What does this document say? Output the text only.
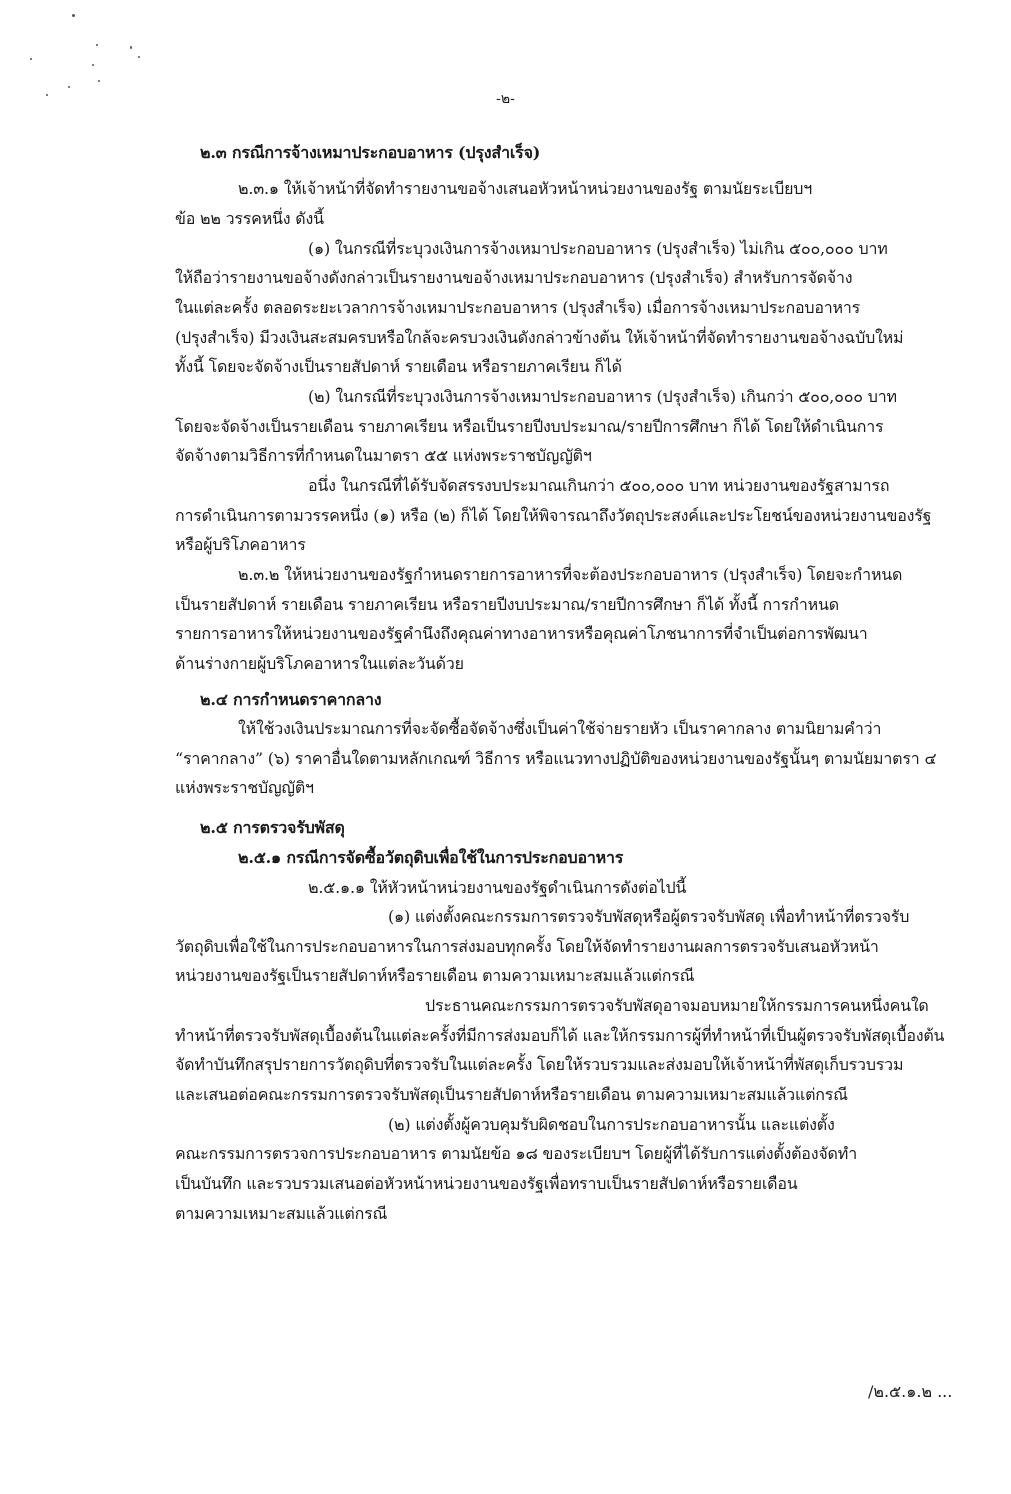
-๒-
๒.๓ กรณีการจ้างเหมาประกอบอาหาร (ปรุงสำเร็จ)
๒.๓.๑ ให้เจ้าหน้าที่จัดทำรายงานขอจ้างเสนอหัวหน้าหน่วยงานของรัฐ ตามนัยระเบียบฯ
ข้อ ๒๒ วรรคหนึ่ง ดังนี้
(๑) ในกรณีที่ระบุวงเงินการจ้างเหมาประกอบอาหาร (ปรุงสำเร็จ) ไม่เกิน ๕๐๐,๐๐๐ บาท
ให้ถือว่ารายงานขอจ้างดังกล่าวเป็นรายงานขอจ้างเหมาประกอบอาหาร (ปรุงสำเร็จ) สำหรับการจัดจ้าง
ในแต่ละครั้ง ตลอดระยะเวลาการจ้างเหมาประกอบอาหาร (ปรุงสำเร็จ) เมื่อการจ้างเหมาประกอบอาหาร
(ปรุงสำเร็จ) มีวงเงินสะสมครบหรือใกล้จะครบวงเงินดังกล่าวข้างต้น ให้เจ้าหน้าที่จัดทำรายงานขอจ้างฉบับใหม่
ทั้งนี้ โดยจะจัดจ้างเป็นรายสัปดาห์ รายเดือน หรือรายภาคเรียน ก็ได้
(๒) ในกรณีที่ระบุวงเงินการจ้างเหมาประกอบอาหาร (ปรุงสำเร็จ) เกินกว่า ๕๐๐,๐๐๐ บาท
โดยจะจัดจ้างเป็นรายเดือน รายภาคเรียน หรือเป็นรายปีงบประมาณ/รายปีการศึกษา ก็ได้ โดยให้ดำเนินการ
จัดจ้างตามวิธีการที่กำหนดในมาตรา ๕๕ แห่งพระราชบัญญัติฯ
อนึ่ง ในกรณีที่ได้รับจัดสรรงบประมาณเกินกว่า ๕๐๐,๐๐๐ บาท หน่วยงานของรัฐสามารถ
การดำเนินการตามวรรคหนึ่ง (๑) หรือ (๒) ก็ได้ โดยให้พิจารณาถึงวัตถุประสงค์และประโยชน์ของหน่วยงานของรัฐ
หรือผู้บริโภคอาหาร
๒.๓.๒ ให้หน่วยงานของรัฐกำหนดรายการอาหารที่จะต้องประกอบอาหาร (ปรุงสำเร็จ) โดยจะกำหนด
เป็นรายสัปดาห์ รายเดือน รายภาคเรียน หรือรายปีงบประมาณ/รายปีการศึกษา ก็ได้ ทั้งนี้ การกำหนด
รายการอาหารให้หน่วยงานของรัฐคำนึงถึงคุณค่าทางอาหารหรือคุณค่าโภชนาการที่จำเป็นต่อการพัฒนา
ด้านร่างกายผู้บริโภคอาหารในแต่ละวันด้วย
๒.๔ การกำหนดราคากลาง
ให้ใช้วงเงินประมาณการที่จะจัดซื้อจัดจ้างซึ่งเป็นค่าใช้จ่ายรายหัว เป็นราคากลาง ตามนิยามคำว่า
“ราคากลาง” (๖) ราคาอื่นใดตามหลักเกณฑ์ วิธีการ หรือแนวทางปฏิบัติของหน่วยงานของรัฐนั้นๆ ตามนัยมาตรา ๔
แห่งพระราชบัญญัติฯ
๒.๕ การตรวจรับพัสดุ
๒.๕.๑ กรณีการจัดซื้อวัตถุดิบเพื่อใช้ในการประกอบอาหาร
๒.๕.๑.๑ ให้หัวหน้าหน่วยงานของรัฐดำเนินการดังต่อไปนี้
(๑) แต่งตั้งคณะกรรมการตรวจรับพัสดุหรือผู้ตรวจรับพัสดุ เพื่อทำหน้าที่ตรวจรับ
วัตถุดิบเพื่อใช้ในการประกอบอาหารในการส่งมอบทุกครั้ง โดยให้จัดทำรายงานผลการตรวจรับเสนอหัวหน้า
หน่วยงานของรัฐเป็นรายสัปดาห์หรือรายเดือน ตามความเหมาะสมแล้วแต่กรณี
ประธานคณะกรรมการตรวจรับพัสดุอาจมอบหมายให้กรรมการคนหนึ่งคนใด
ทำหน้าที่ตรวจรับพัสดุเบื้องต้นในแต่ละครั้งที่มีการส่งมอบก็ได้ และให้กรรมการผู้ที่ทำหน้าที่เป็นผู้ตรวจรับพัสดุเบื้องต้น
จัดทำบันทึกสรุปรายการวัตถุดิบที่ตรวจรับในแต่ละครั้ง โดยให้รวบรวมและส่งมอบให้เจ้าหน้าที่พัสดุเก็บรวบรวม
และเสนอต่อคณะกรรมการตรวจรับพัสดุเป็นรายสัปดาห์หรือรายเดือน ตามความเหมาะสมแล้วแต่กรณี
(๒) แต่งตั้งผู้ควบคุมรับผิดชอบในการประกอบอาหารนั้น และแต่งตั้ง
คณะกรรมการตรวจการประกอบอาหาร ตามนัยข้อ ๑๘ ของระเบียบฯ โดยผู้ที่ได้รับการแต่งตั้งต้องจัดทำ
เป็นบันทึก และรวบรวมเสนอต่อหัวหน้าหน่วยงานของรัฐเพื่อทราบเป็นรายสัปดาห์หรือรายเดือน
ตามความเหมาะสมแล้วแต่กรณี
/๒.๕.๑.๒ ...
